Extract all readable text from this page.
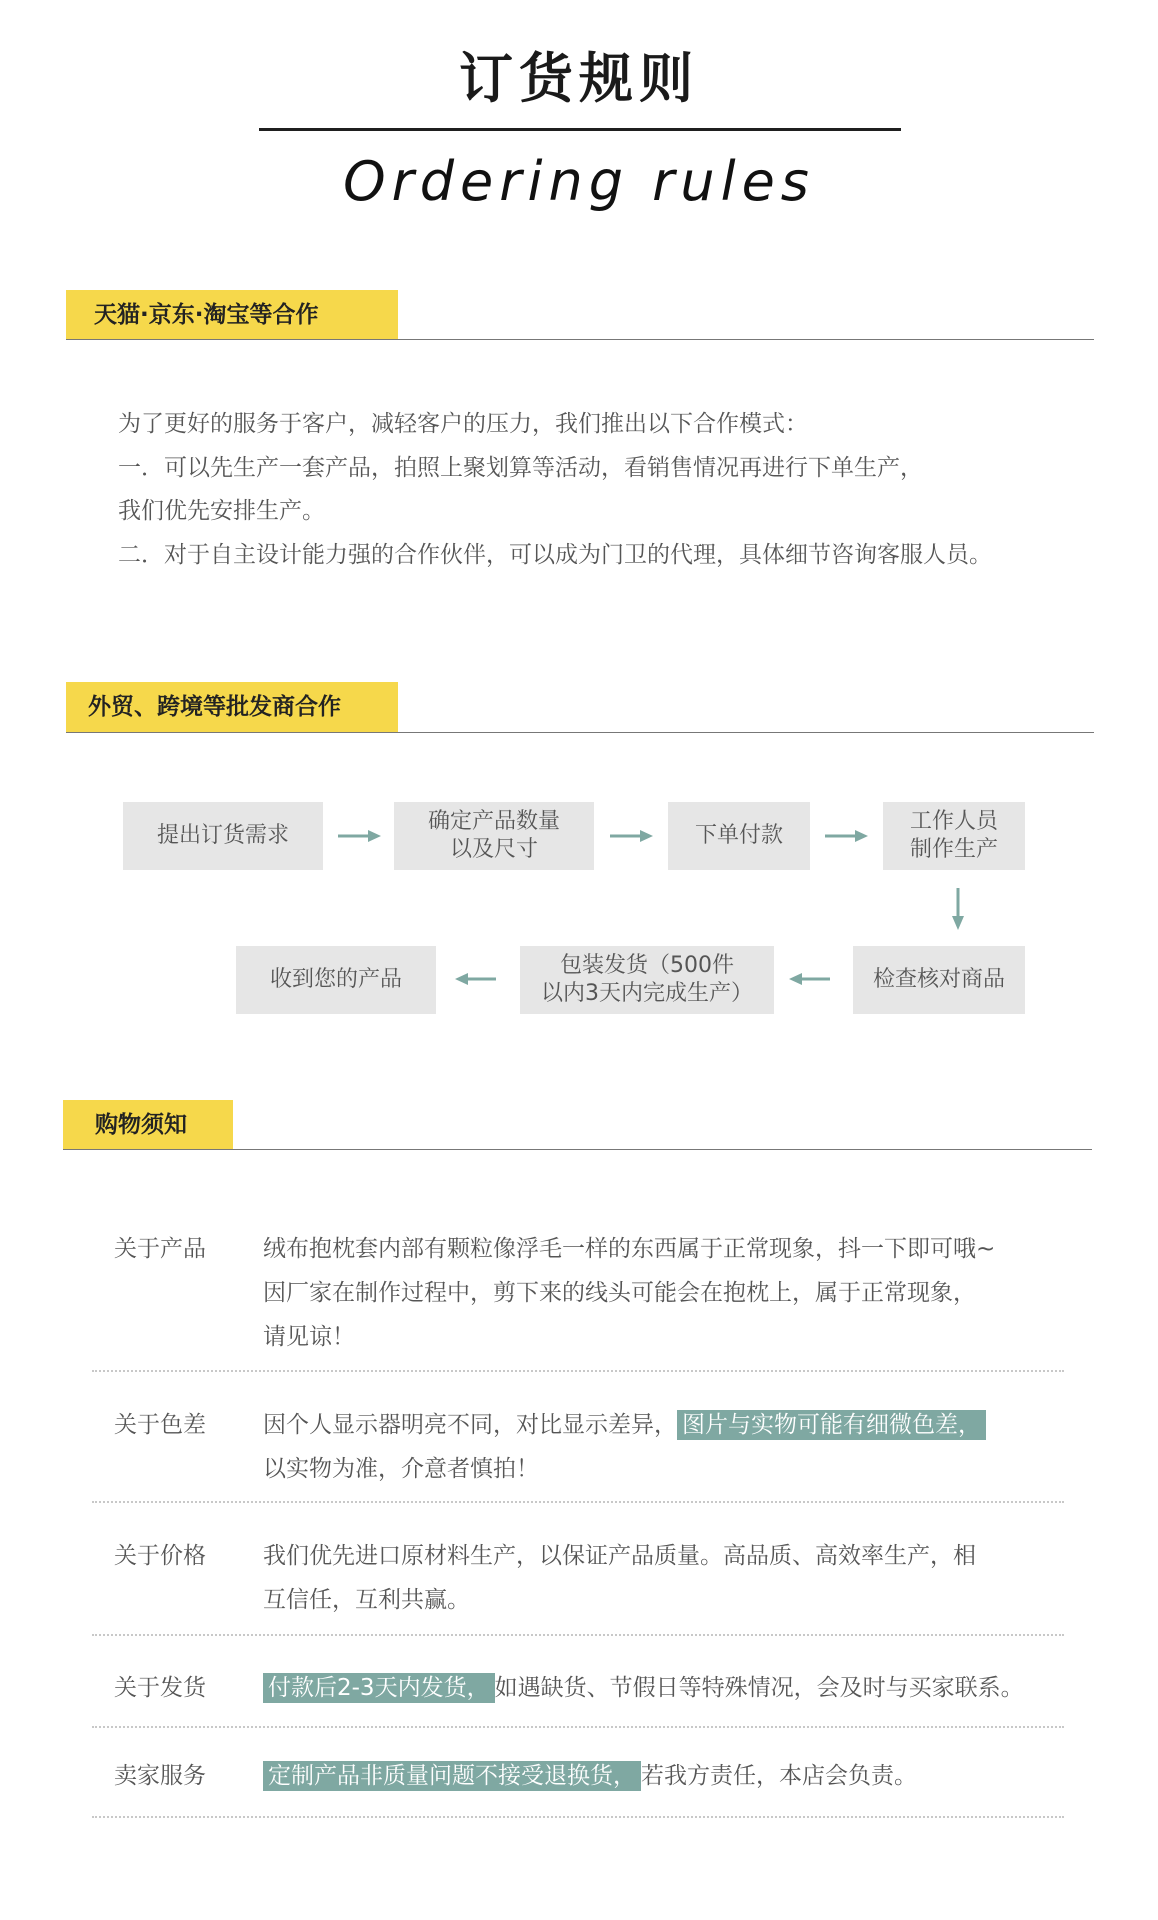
订货规则
Ordering rules
天猫·京东·淘宝等合作
为了更好的服务于客户，减轻客户的压力，我们推出以下合作模式：
一．可以先生产一套产品，拍照上聚划算等活动，看销售情况再进行下单生产，
我们优先安排生产。
二．对于自主设计能力强的合作伙伴，可以成为门卫的代理，具体细节咨询客服人员。
外贸、跨境等批发商合作
提出订货需求
确定产品数量
以及尺寸
下单付款
工作人员
制作生产
检查核对商品
包装发货（500件
以内3天内完成生产）
收到您的产品
购物须知
关于产品 绒布抱枕套内部有颗粒像浮毛一样的东西属于正常现象，抖一下即可哦~
因厂家在制作过程中，剪下来的线头可能会在抱枕上，属于正常现象，
请见谅！
关于色差 因个人显示器明亮不同，对比显示差异， 图片与实物可能有细微色差，
以实物为准，介意者慎拍！
关于价格 我们优先进口原材料生产，以保证产品质量。高品质、高效率生产，相
互信任，互利共赢。
关于发货	付款后2-3天内发货， 如遇缺货、节假日等特殊情况，会及时与买家联系。
卖家服务	定制产品非质量问题不接受退换货， 若我方责任，本店会负责。
